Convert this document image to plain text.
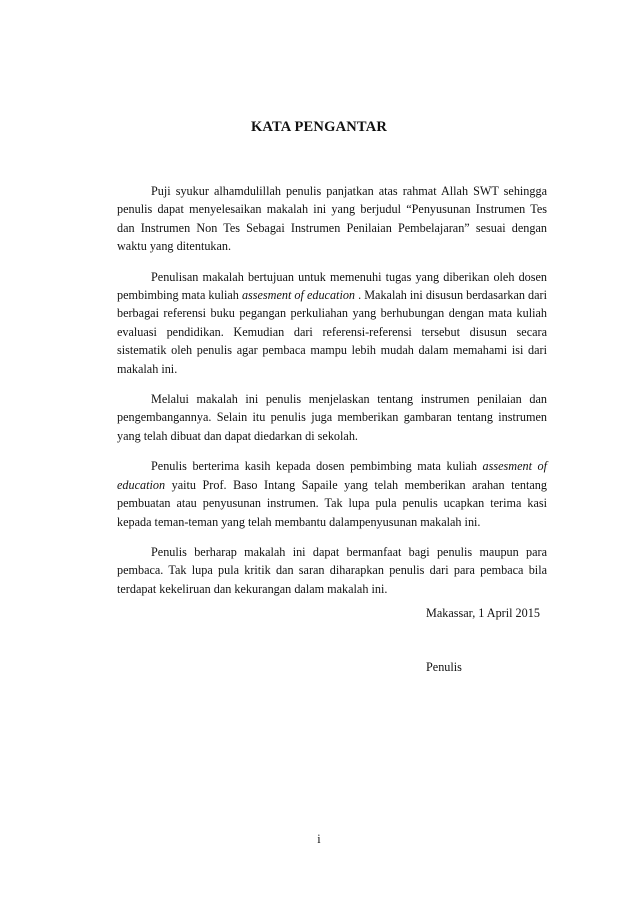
KATA PENGANTAR

Puji syukur alhamdulillah penulis panjatkan atas rahmat Allah SWT sehingga penulis dapat menyelesaikan makalah ini yang berjudul “Penyusunan Instrumen Tes dan Instrumen Non Tes Sebagai Instrumen Penilaian Pembelajaran” sesuai dengan waktu yang ditentukan.

Penulisan makalah bertujuan untuk memenuhi tugas yang diberikan oleh dosen pembimbing mata kuliah assesment of education . Makalah ini disusun berdasarkan dari berbagai referensi buku pegangan perkuliahan yang berhubungan dengan mata kuliah evaluasi pendidikan. Kemudian dari referensi-referensi tersebut disusun secara sistematik oleh penulis agar pembaca mampu lebih mudah dalam memahami isi dari makalah ini.

Melalui makalah ini penulis menjelaskan tentang instrumen penilaian dan pengembangannya. Selain itu penulis juga memberikan gambaran tentang instrumen yang telah dibuat dan dapat diedarkan di sekolah.

Penulis berterima kasih kepada dosen pembimbing mata kuliah assesment of education yaitu Prof. Baso Intang Sapaile yang telah memberikan arahan tentang pembuatan atau penyusunan instrumen. Tak lupa pula penulis ucapkan terima kasi kepada teman-teman yang telah membantu dalampenyusunan makalah ini.

Penulis berharap makalah ini dapat bermanfaat bagi penulis maupun para pembaca. Tak lupa pula kritik dan saran diharapkan penulis dari para pembaca bila terdapat kekeliruan dan kekurangan dalam makalah ini.

Makassar, 1 April 2015
Penulis
i
